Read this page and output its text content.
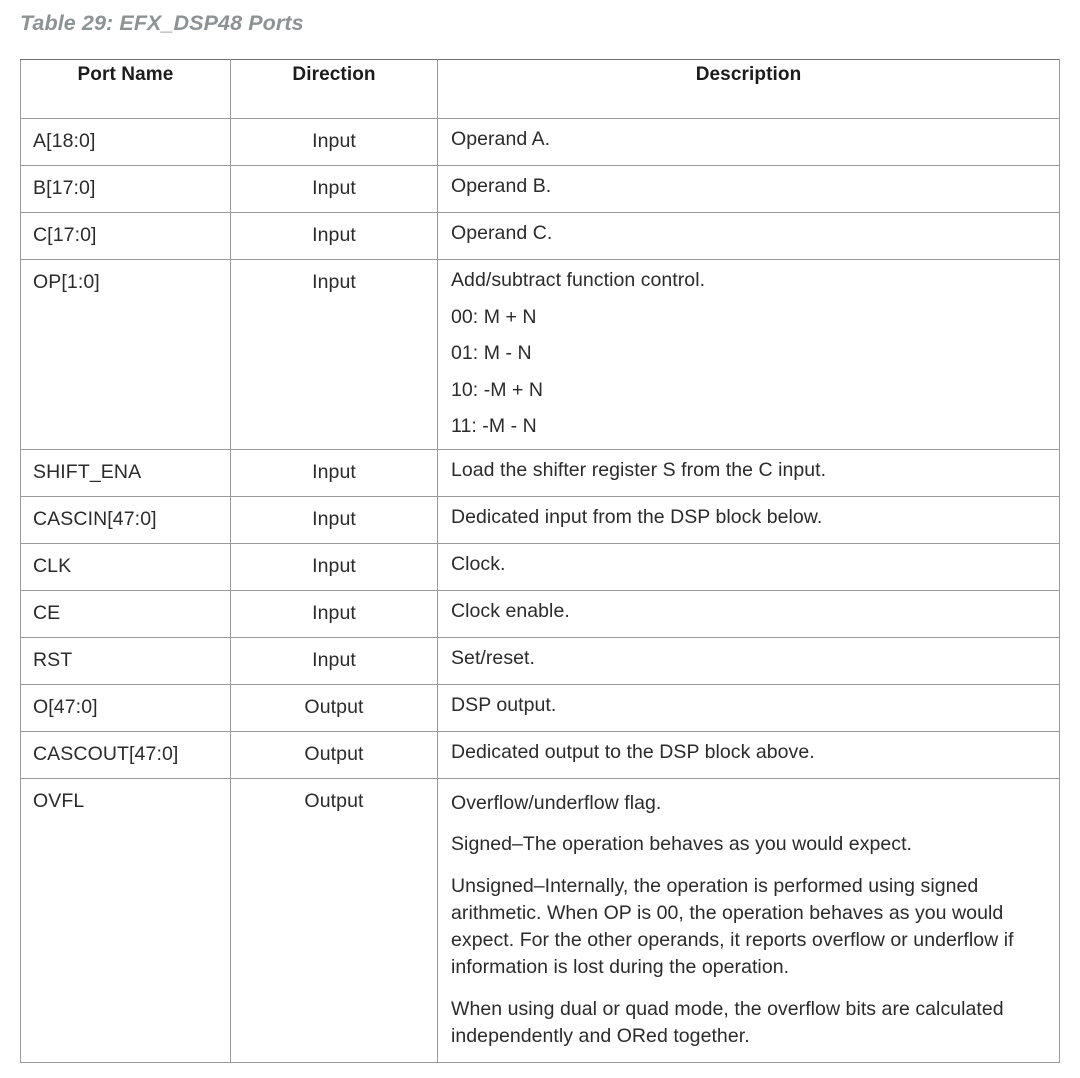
Table 29: EFX_DSP48 Ports
Port Name	Direction	Description
A[18:0]	Input	Operand A.

B[17:0]	Input	Operand B.

C[17:0]	Input	Operand C.

OP[1:0]	Input	Add/subtract function control.
00: M + N
01: M - N
10: -M + N
11: -M - N

SHIFT_ENA	Input	Load the shifter register S from the C input.

CASCIN[47:0]	Input	Dedicated input from the DSP block below.

CLK	Input	Clock.

CE	Input	Clock enable.

RST	Input	Set/reset.

O[47:0]	Output	DSP output.

CASCOUT[47:0]	Output	Dedicated output to the DSP block above.

OVFL	Output	Overflow/underflow flag.
Signed–The operation behaves as you would expect.
Unsigned–Internally, the operation is performed using signed arithmetic. When OP is 00, the operation behaves as you would expect. For the other operands, it reports overflow or underflow if information is lost during the operation.
When using dual or quad mode, the overflow bits are calculated independently and ORed together.
